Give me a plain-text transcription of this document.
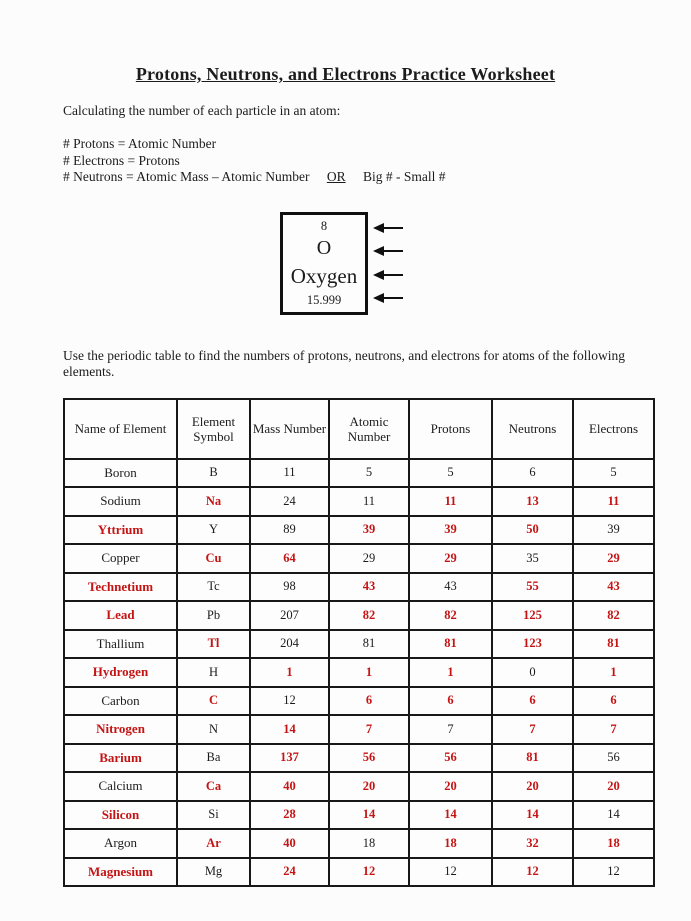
Protons, Neutrons, and Electrons Practice Worksheet

Calculating the number of each particle in an atom:

# Protons = Atomic Number
# Electrons = Protons
# Neutrons = Atomic Mass – Atomic Number OR Big # - Small #
8
O
Oxygen
15.999

Use the periodic table to find the numbers of protons, neutrons, and electrons for atoms of the following elements.

Name of Element	Element Symbol	Mass Number	Atomic Number	Protons	Neutrons	Electrons
Boron	B	11	5	5	6	5
Sodium	Na	24	11	11	13	11
Yttrium	Y	89	39	39	50	39
Copper	Cu	64	29	29	35	29
Technetium	Tc	98	43	43	55	43
Lead	Pb	207	82	82	125	82
Thallium	Tl	204	81	81	123	81
Hydrogen	H	1	1	1	0	1
Carbon	C	12	6	6	6	6
Nitrogen	N	14	7	7	7	7
Barium	Ba	137	56	56	81	56
Calcium	Ca	40	20	20	20	20
Silicon	Si	28	14	14	14	14
Argon	Ar	40	18	18	32	18
Magnesium	Mg	24	12	12	12	12
